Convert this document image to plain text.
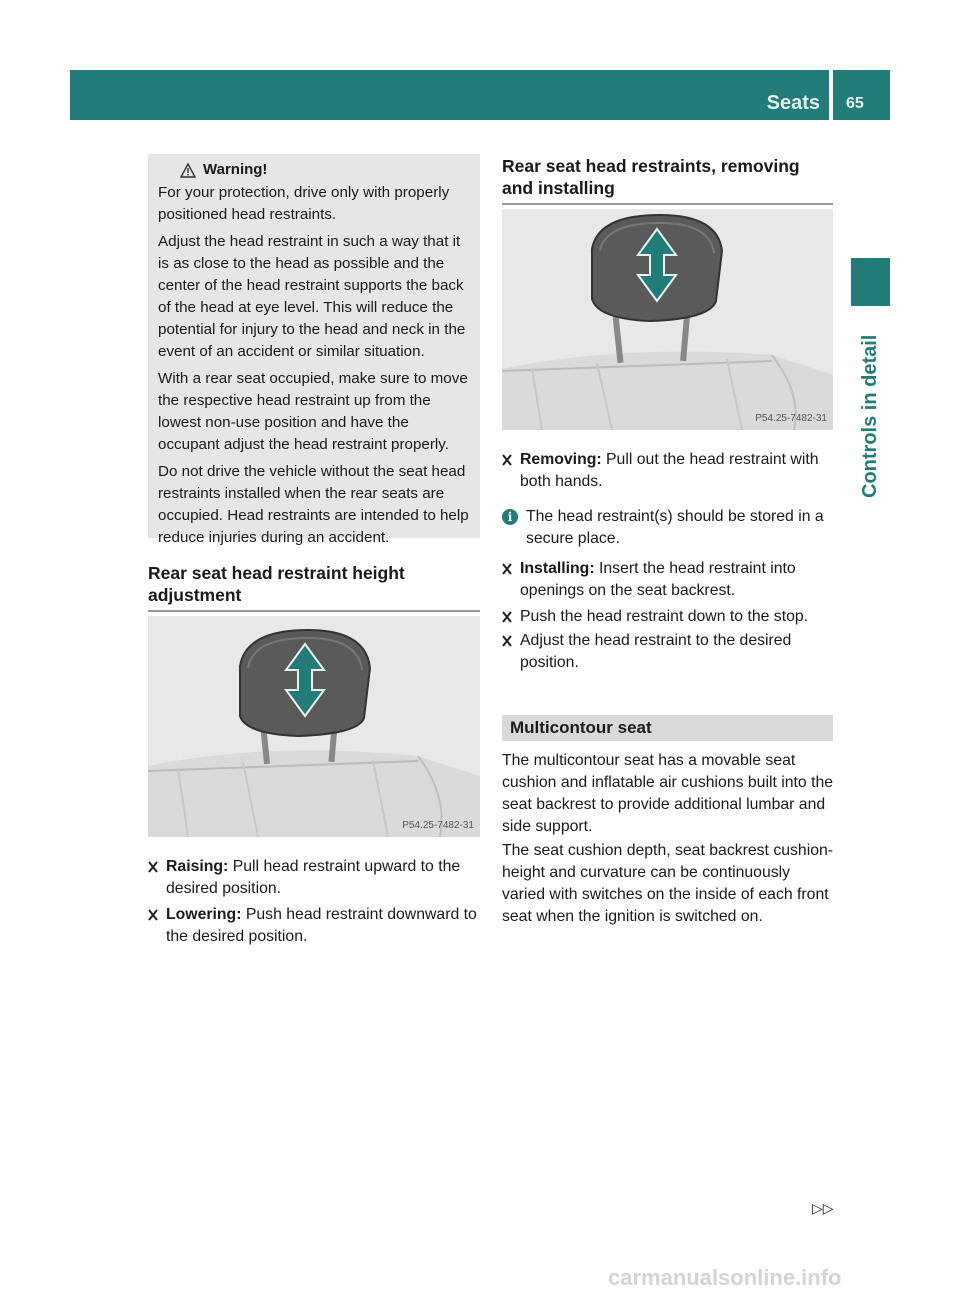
Seats 65
Controls in detail
Warning!

For your protection, drive only with properly positioned head restraints.

Adjust the head restraint in such a way that it is as close to the head as possible and the center of the head restraint supports the back of the head at eye level. This will reduce the potential for injury to the head and neck in the event of an accident or similar situation.

With a rear seat occupied, make sure to move the respective head restraint up from the lowest non-use position and have the occupant adjust the head restraint properly.

Do not drive the vehicle without the seat head restraints installed when the rear seats are occupied. Head restraints are intended to help reduce injuries during an accident.

Rear seat head restraint height adjustment
P54.25-7482-31
Raising: Pull head restraint upward to the desired position.
Lowering: Push head restraint downward to the desired position.
Rear seat head restraints, removing and installing
P54.25-7482-31
Removing: Pull out the head restraint with both hands.
i The head restraint(s) should be stored in a secure place.
Installing: Insert the head restraint into openings on the seat backrest.
Push the head restraint down to the stop.
Adjust the head restraint to the desired position.
Multicontour seat

The multicontour seat has a movable seat cushion and inflatable air cushions built into the seat backrest to provide additional lumbar and side support.

The seat cushion depth, seat backrest cushion-height and curvature can be continuously varied with switches on the inside of each front seat when the ignition is switched on.

▷▷
carmanualsonline.info
